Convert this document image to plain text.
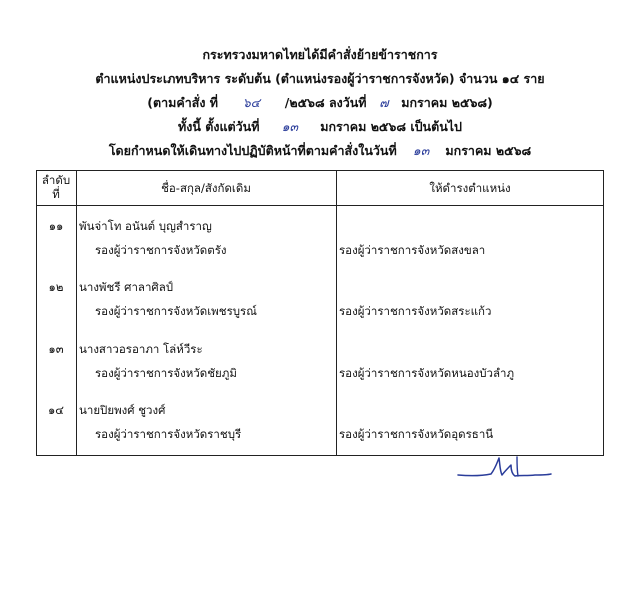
กระทรวงมหาดไทยได้มีคำสั่งย้ายข้าราชการ
ตำแหน่งประเภทบริหาร ระดับต้น (ตำแหน่งรองผู้ว่าราชการจังหวัด) จำนวน ๑๔ ราย
(ตามคำสั่ง ที่ ๖๔ /๒๕๖๘ ลงวันที่ ๗ มกราคม ๒๕๖๘)
ทั้งนี้ ตั้งแต่วันที่ ๑๓ มกราคม ๒๕๖๘ เป็นต้นไป
โดยกำหนดให้เดินทางไปปฏิบัติหน้าที่ตามคำสั่งในวันที่ ๑๓ มกราคม ๒๕๖๘
ลำดับ
ที่	ชื่อ-สกุล/สังกัดเดิม	ให้ดำรงตำแหน่ง
๑๑	พันจ่าโท อนันต์ บุญสำราญ
รองผู้ว่าราชการจังหวัดตรัง	รองผู้ว่าราชการจังหวัดสงขลา
๑๒	นางพัชรี ศาลาศิลป์
รองผู้ว่าราชการจังหวัดเพชรบูรณ์	รองผู้ว่าราชการจังหวัดสระแก้ว
๑๓	นางสาวอรอาภา โล่ห์วีระ
รองผู้ว่าราชการจังหวัดชัยภูมิ	รองผู้ว่าราชการจังหวัดหนองบัวลำภู
๑๔	นายปิยพงศ์ ชูวงศ์
รองผู้ว่าราชการจังหวัดราชบุรี	รองผู้ว่าราชการจังหวัดอุดรธานี
